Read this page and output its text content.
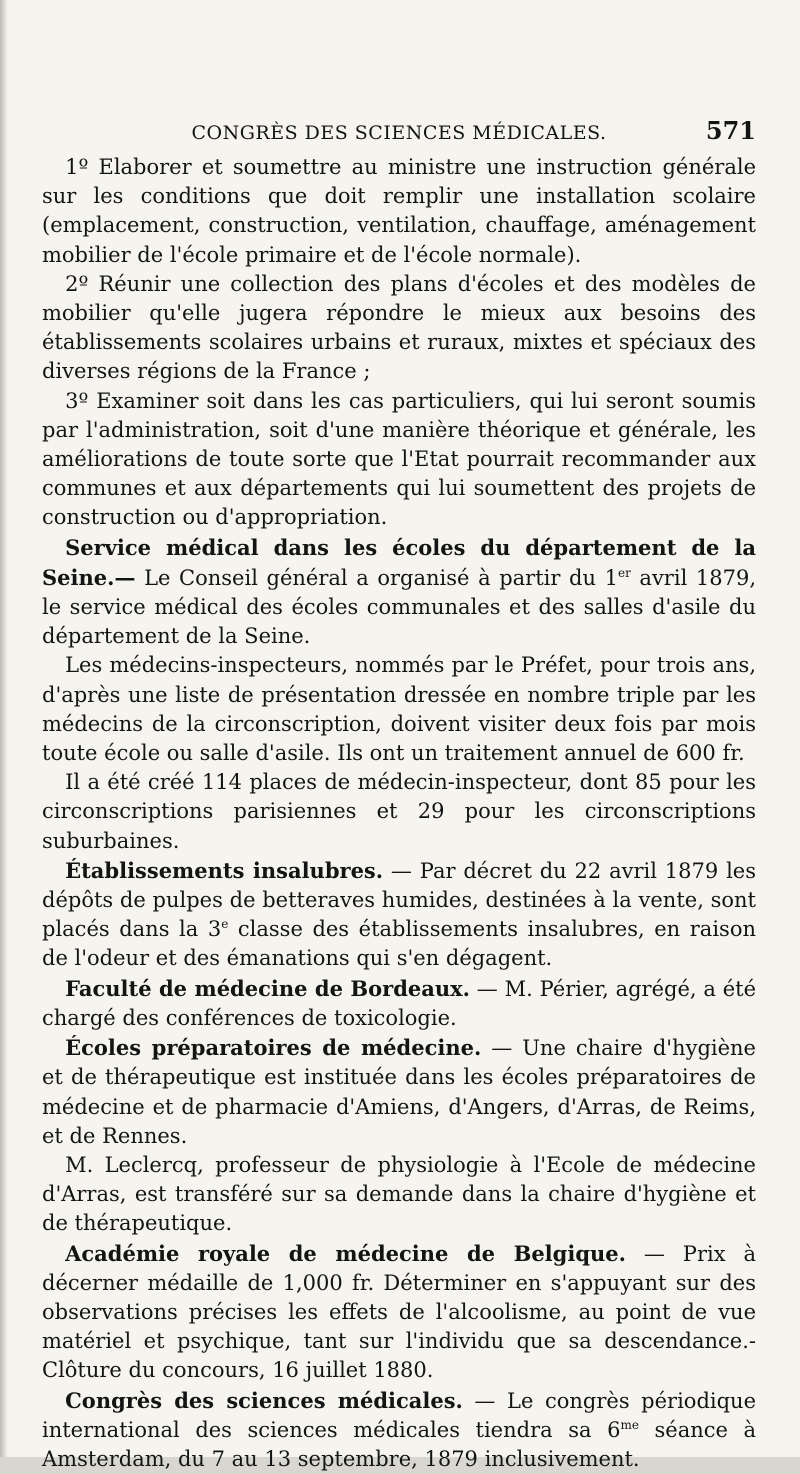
CONGRÈS DES SCIENCES MÉDICALES.	571

1º Elaborer et soumettre au ministre une instruction générale sur les conditions que doit remplir une installation scolaire (emplacement, construction, ventilation, chauffage, aménagement mobilier de l'école primaire et de l'école normale).

2º Réunir une collection des plans d'écoles et des modèles de mobilier qu'elle jugera répondre le mieux aux besoins des établissements scolaires urbains et ruraux, mixtes et spéciaux des diverses régions de la France ;

3º Examiner soit dans les cas particuliers, qui lui seront soumis par l'administration, soit d'une manière théorique et générale, les améliorations de toute sorte que l'Etat pourrait recommander aux communes et aux départements qui lui soumettent des projets de construction ou d'appropriation.

Service médical dans les écoles du département de la Seine.— Le Conseil général a organisé à partir du 1er avril 1879, le service médical des écoles communales et des salles d'asile du département de la Seine.

Les médecins-inspecteurs, nommés par le Préfet, pour trois ans, d'après une liste de présentation dressée en nombre triple par les médecins de la circonscription, doivent visiter deux fois par mois toute école ou salle d'asile. Ils ont un traitement annuel de 600 fr.

Il a été créé 114 places de médecin-inspecteur, dont 85 pour les circonscriptions parisiennes et 29 pour les circonscriptions suburbaines.

Établissements insalubres. — Par décret du 22 avril 1879 les dépôts de pulpes de betteraves humides, destinées à la vente, sont placés dans la 3e classe des établissements insalubres, en raison de l'odeur et des émanations qui s'en dégagent.

Faculté de médecine de Bordeaux. — M. Périer, agrégé, a été chargé des conférences de toxicologie.

Écoles préparatoires de médecine. — Une chaire d'hygiène et de thérapeutique est instituée dans les écoles préparatoires de médecine et de pharmacie d'Amiens, d'Angers, d'Arras, de Reims, et de Rennes.

M. Leclercq, professeur de physiologie à l'Ecole de médecine d'Arras, est transféré sur sa demande dans la chaire d'hygiène et de thérapeutique.

Académie royale de médecine de Belgique. — Prix à décerner médaille de 1,000 fr. Déterminer en s'appuyant sur des observations précises les effets de l'alcoolisme, au point de vue matériel et psychique, tant sur l'individu que sa descendance.- Clôture du concours, 16 juillet 1880.

Congrès des sciences médicales. — Le congrès périodique international des sciences médicales tiendra sa $6^{me}$ séance à Amsterdam, du 7 au 13 septembre, 1879 inclusivement.
